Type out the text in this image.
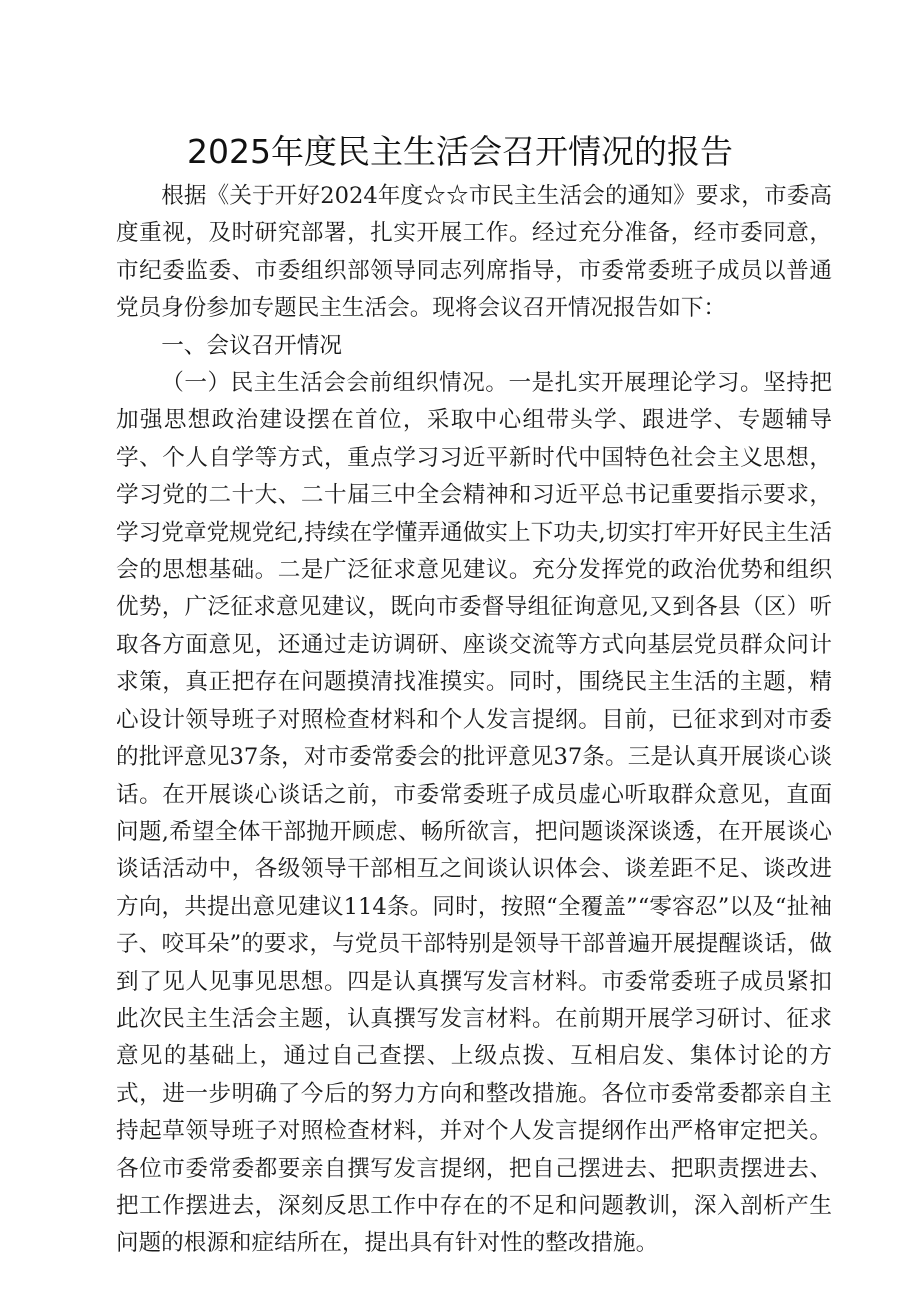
2025年度民主生活会召开情况的报告

根据《关于开好2024年度☆☆市民主生活会的通知》要求，市委高度重视，及时研究部署，扎实开展工作。经过充分准备，经市委同意，市纪委监委、市委组织部领导同志列席指导，市委常委班子成员以普通党员身份参加专题民主生活会。现将会议召开情况报告如下：

一、会议召开情况

（一）民主生活会会前组织情况。一是扎实开展理论学习。坚持把加强思想政治建设摆在首位，采取中心组带头学、跟进学、专题辅导学、个人自学等方式，重点学习习近平新时代中国特色社会主义思想，学习党的二十大、二十届三中全会精神和习近平总书记重要指示要求，学习党章党规党纪,持续在学懂弄通做实上下功夫,切实打牢开好民主生活会的思想基础。二是广泛征求意见建议。充分发挥党的政治优势和组织优势，广泛征求意见建议，既向市委督导组征询意见,又到各县（区）听取各方面意见，还通过走访调研、座谈交流等方式向基层党员群众问计求策，真正把存在问题摸清找准摸实。同时，围绕民主生活的主题，精心设计领导班子对照检查材料和个人发言提纲。目前，已征求到对市委的批评意见37条，对市委常委会的批评意见37条。三是认真开展谈心谈话。在开展谈心谈话之前，市委常委班子成员虚心听取群众意见，直面问题,希望全体干部抛开顾虑、畅所欲言，把问题谈深谈透，在开展谈心谈话活动中，各级领导干部相互之间谈认识体会、谈差距不足、谈改进方向，共提出意见建议114条。同时，按照“全覆盖”“零容忍”以及“扯袖子、咬耳朵”的要求，与党员干部特别是领导干部普遍开展提醒谈话，做到了见人见事见思想。四是认真撰写发言材料。市委常委班子成员紧扣此次民主生活会主题，认真撰写发言材料。在前期开展学习研讨、征求意见的基础上，通过自己查摆、上级点拨、互相启发、集体讨论的方式，进一步明确了今后的努力方向和整改措施。各位市委常委都亲自主持起草领导班子对照检查材料，并对个人发言提纲作出严格审定把关。各位市委常委都要亲自撰写发言提纲，把自己摆进去、把职责摆进去、把工作摆进去，深刻反思工作中存在的不足和问题教训，深入剖析产生问题的根源和症结所在，提出具有针对性的整改措施。
